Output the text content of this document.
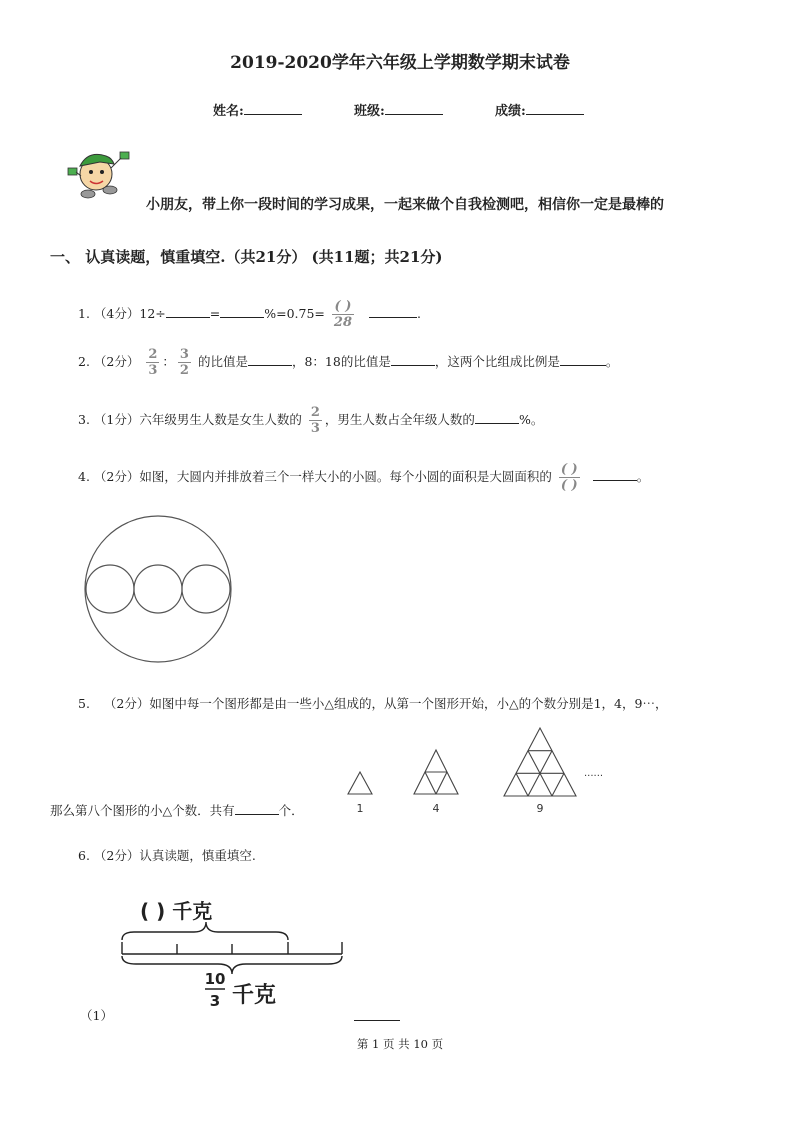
2019-2020学年六年级上学期数学期末试卷
姓名:	班级:	成绩:
小朋友，带上你一段时间的学习成果，一起来做个自我检测吧，相信你一定是最棒的
一、 认真读题，慎重填空.（共21分） (共11题；共21分)
1. （4分）12÷	=	$\%=0.75= \frac{( )}{28}$	.
2. （2分） $\frac{2}{3}$ ： $\frac{3}{2}$ 的比值是	，8：18的比值是	，这两个比组成比例是	。
3. （1分）六年级男生人数是女生人数的 $\frac{2}{3}$ ，男生人数占全年级人数的	%。
4. （2分）如图，大圆内并排放着三个一样大小的小圆。每个小圆的面积是大圆面积的 $\frac{( )}{( )}$	。
5. （2分）如图中每一个图形都是由一些小△组成的，从第一个图形开始，小△的个数分别是1，4，9⋯，
那么第八个图形的小△个数．共有	个．	1	4	9
......
6. （2分）认真读题，慎重填空.
( ) 千克
10
3 千克
（1）
第 1 页 共 10 页
